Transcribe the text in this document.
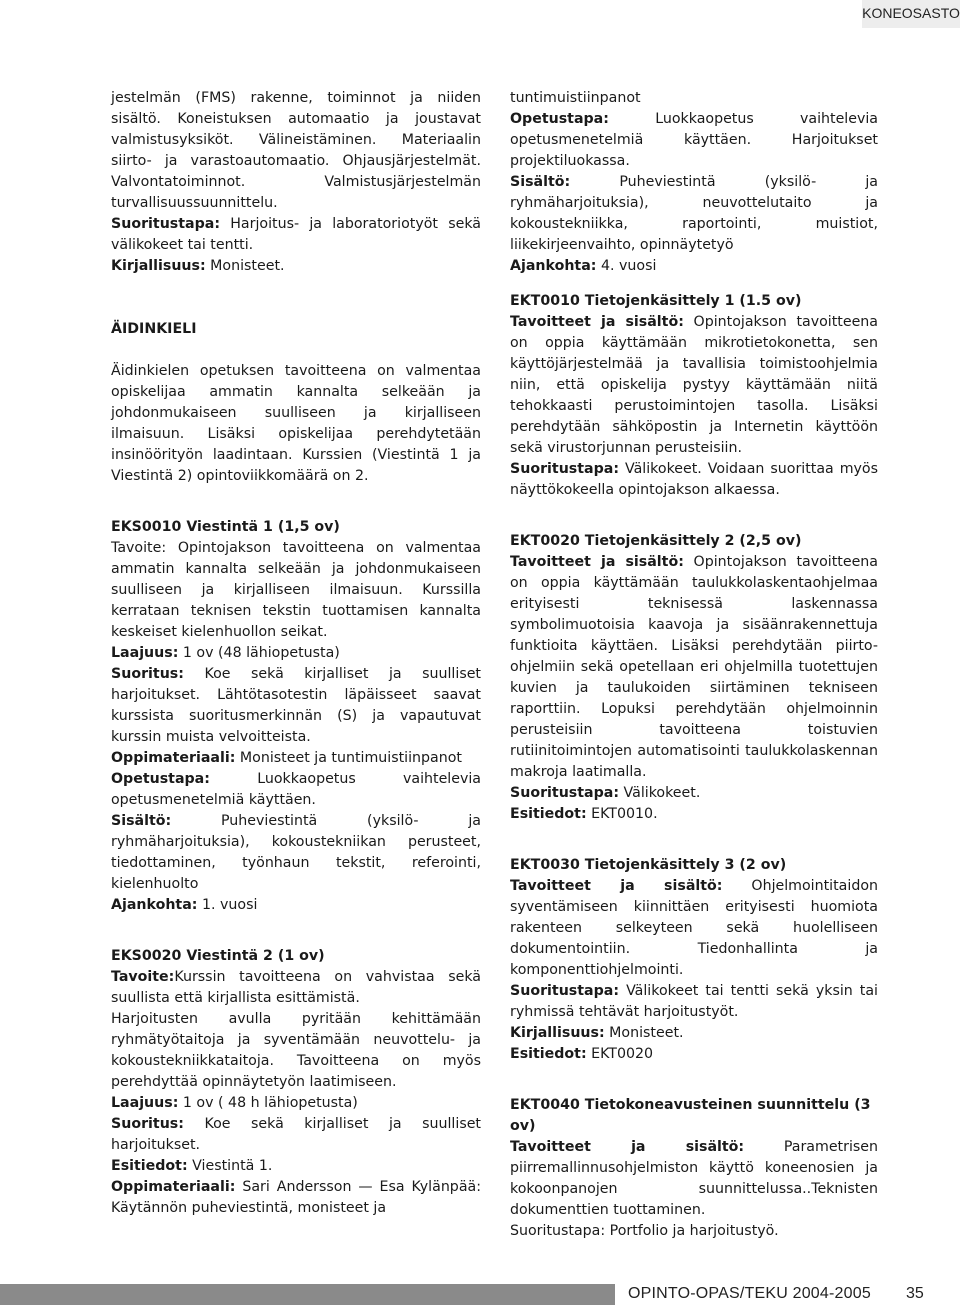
KONEOSASTO

jestelmän (FMS) rakenne, toiminnot ja niiden sisältö. Koneistuksen automaatio ja joustavat valmistusyksiköt. Välineistäminen. Materiaalin siirto- ja varastoautomaatio. Ohjausjärjestelmät. Valvontatoiminnot. Valmistusjärjestelmän turvallisuussuunnittelu.

Suoritustapa: Harjoitus- ja laboratoriotyöt sekä välikokeet tai tentti.

Kirjallisuus: Monisteet.

ÄIDINKIELI

Äidinkielen opetuksen tavoitteena on valmentaa opiskelijaa ammatin kannalta selkeään ja johdonmukaiseen suulliseen ja kirjalliseen ilmaisuun. Lisäksi opiskelijaa perehdytetään insinöörityön laadintaan. Kurssien (Viestintä 1 ja Viestintä 2) opintoviikkomäärä on 2.

EKS0010 Viestintä 1 (1,5 ov)

Tavoite: Opintojakson tavoitteena on valmentaa ammatin kannalta selkeään ja johdonmukaiseen suulliseen ja kirjalliseen ilmaisuun. Kurssilla kerrataan teknisen tekstin tuottamisen kannalta keskeiset kielenhuollon seikat.

Laajuus: 1 ov (48 lähiopetusta)

Suoritus: Koe sekä kirjalliset ja suulliset harjoitukset. Lähtötasotestin läpäisseet saavat kurssista suoritusmerkinnän (S) ja vapautuvat kurssin muista velvoitteista.

Oppimateriaali: Monisteet ja tuntimuistiinpanot

Opetustapa:	Luokkaopetus vaihtelevia opetusmenetelmiä käyttäen.

Sisältö:	Puheviestintä (yksilö- ja ryhmäharjoituksia), kokoustekniikan perusteet, tiedottaminen, työnhaun tekstit, referointi, kielenhuolto

Ajankohta: 1. vuosi

EKS0020 Viestintä 2 (1 ov)

Tavoite:Kurssin tavoitteena on vahvistaa sekä suullista että kirjallista esittämistä.

Harjoitusten avulla pyritään kehittämään ryhmätyötaitoja ja syventämään neuvottelu- ja kokoustekniikkataitoja. Tavoitteena on myös perehdyttää opinnäytetyön laatimiseen.

Laajuus: 1 ov ( 48 h lähiopetusta)

Suoritus: Koe sekä kirjalliset ja suulliset harjoitukset.

Esitiedot: Viestintä 1.

Oppimateriaali: Sari Andersson — Esa Kylänpää: Käytännön puheviestintä, monisteet ja

tuntimuistiinpanot

Opetustapa:	Luokkaopetus vaihtelevia opetusmenetelmiä käyttäen. Harjoitukset projektiluokassa.

Sisältö:	Puheviestintä (yksilö- ja ryhmäharjoituksia), neuvottelutaito ja kokoustekniikka, raportointi, muistiot, liikekirjeenvaihto, opinnäytetyö

Ajankohta: 4. vuosi

EKT0010 Tietojenkäsittely 1 (1.5 ov)

Tavoitteet ja sisältö: Opintojakson tavoitteena on oppia käyttämään mikrotietokonetta, sen käyttöjärjestelmää ja tavallisia toimistoohjelmia niin, että opiskelija pystyy käyttämään niitä tehokkaasti perustoimintojen tasolla. Lisäksi perehdytään sähköpostin ja Internetin käyttöön sekä virustorjunnan perusteisiin.

Suoritustapa: Välikokeet. Voidaan suorittaa myös näyttökokeella opintojakson alkaessa.

EKT0020 Tietojenkäsittely 2 (2,5 ov)

Tavoitteet ja sisältö: Opintojakson tavoitteena on oppia käyttämään taulukkolaskentaohjelmaa erityisesti teknisessä laskennassa symbolimuotoisia kaavoja ja sisäänrakennettuja funktioita käyttäen. Lisäksi perehdytään piirto-ohjelmiin sekä opetellaan eri ohjelmilla tuotettujen kuvien ja taulukoiden siirtäminen tekniseen raporttiin. Lopuksi perehdytään ohjelmoinnin perusteisiin tavoitteena toistuvien rutiinitoimintojen automatisointi taulukkolaskennan makroja laatimalla.

Suoritustapa: Välikokeet.

Esitiedot: EKT0010.

EKT0030 Tietojenkäsittely 3 (2 ov)

Tavoitteet ja sisältö: Ohjelmointitaidon syventämiseen kiinnittäen erityisesti huomiota rakenteen selkeyteen sekä huolelliseen dokumentointiin. Tiedonhallinta ja komponenttiohjelmointi.

Suoritustapa: Välikokeet tai tentti sekä yksin tai ryhmissä tehtävät harjoitustyöt.

Kirjallisuus: Monisteet.

Esitiedot: EKT0020

EKT0040 Tietokoneavusteinen suunnittelu (3 ov)

Tavoitteet ja sisältö:	Parametrisen piirremallinnusohjelmiston käyttö koneenosien ja kokoonpanojen suunnittelussa..Teknisten dokumenttien tuottaminen.

Suoritustapa: Portfolio ja harjoitustyö.

OPINTO-OPAS/TEKU 2004-2005 35
